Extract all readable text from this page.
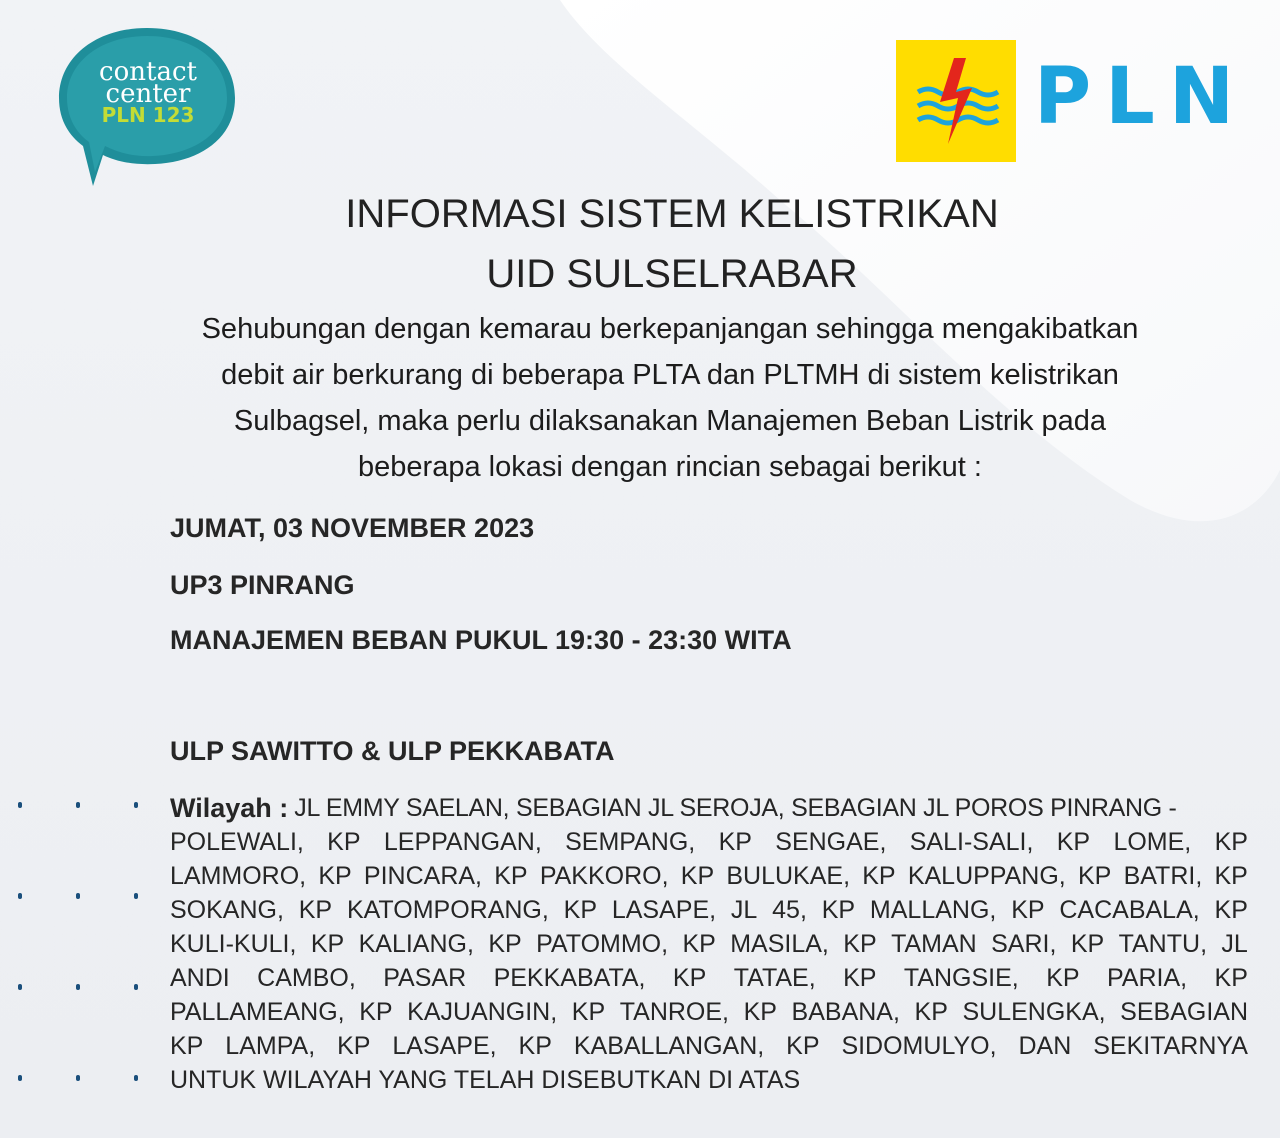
contact
center
PLN 123	PLN
INFORMASI SISTEM KELISTRIKAN
UID SULSELRABAR
Sehubungan dengan kemarau berkepanjangan sehingga mengakibatkan
debit air berkurang di beberapa PLTA dan PLTMH di sistem kelistrikan
Sulbagsel, maka perlu dilaksanakan Manajemen Beban Listrik pada
beberapa lokasi dengan rincian sebagai berikut :
JUMAT, 03 NOVEMBER 2023
UP3 PINRANG
MANAJEMEN BEBAN PUKUL 19:30 - 23:30 WITA
ULP SAWITTO & ULP PEKKABATA
Wilayah : JL EMMY SAELAN, SEBAGIAN JL SEROJA, SEBAGIAN JL POROS PINRANG -
POLEWALI, KP LEPPANGAN, SEMPANG, KP SENGAE, SALI-SALI, KP LOME, KP
LAMMORO, KP PINCARA, KP PAKKORO, KP BULUKAE, KP KALUPPANG, KP BATRI, KP
SOKANG, KP KATOMPORANG, KP LASAPE, JL 45, KP MALLANG, KP CACABALA, KP
KULI-KULI, KP KALIANG, KP PATOMMO, KP MASILA, KP TAMAN SARI, KP TANTU, JL
ANDI CAMBO, PASAR PEKKABATA, KP TATAE, KP TANGSIE, KP PARIA, KP
PALLAMEANG, KP KAJUANGIN, KP TANROE, KP BABANA, KP SULENGKA, SEBAGIAN
KP LAMPA, KP LASAPE, KP KABALLANGAN, KP SIDOMULYO, DAN SEKITARNYA
UNTUK WILAYAH YANG TELAH DISEBUTKAN DI ATAS
